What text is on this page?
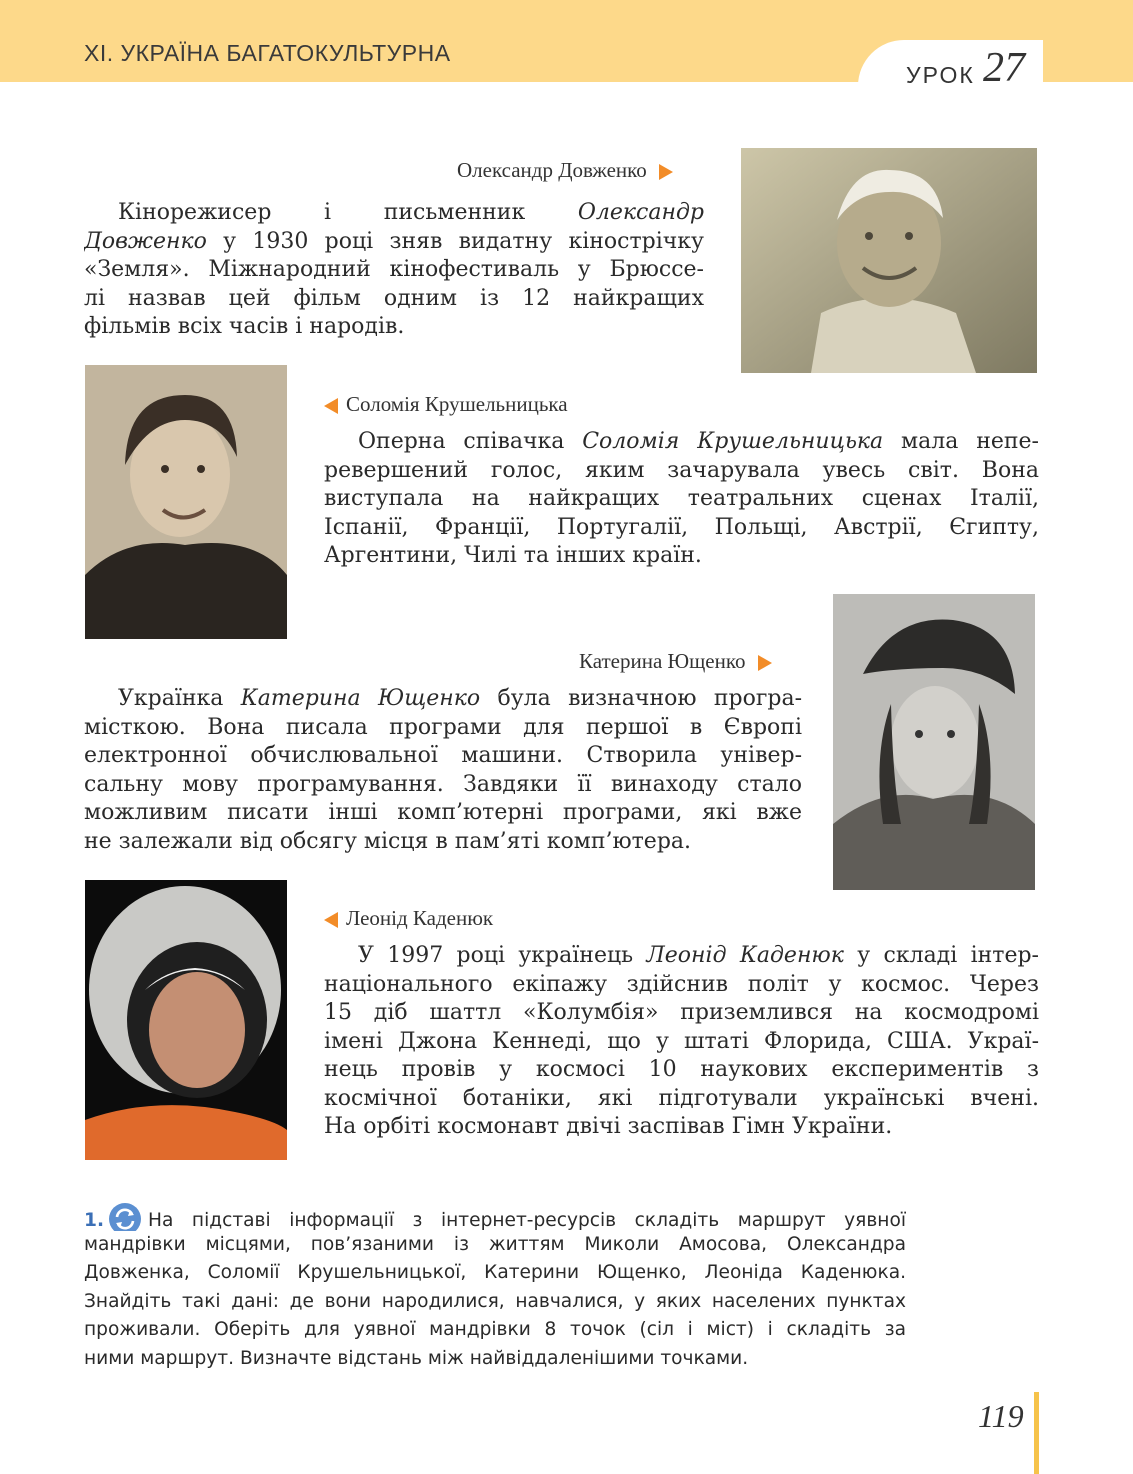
XI. УКРАЇНА БАГАТОКУЛЬТУРНА
УРОК 27
Олександр Довженко
Кінорежисер і письменник Олександр
Довженко у 1930 році зняв видатну кінострічку
«Земля». Міжнародний кінофестиваль у Брюссе-
лі назвав цей фільм одним із 12 найкращих
фільмів всіх часів і народів.
Соломія Крушельницька
Оперна співачка Соломія Крушельницька мала непе-
ревершений голос, яким зачарувала увесь світ. Вона
виступала на найкращих театральних сценах Італії,
Іспанії, Франції, Португалії, Польщі, Австрії, Єгипту,
Аргентини, Чилі та інших країн.
Катерина Ющенко
Українка Катерина Ющенко була визначною програ-
місткою. Вона писала програми для першої в Європі
електронної обчислювальної машини. Створила універ-
сальну мову програмування. Завдяки її винаходу стало
можливим писати інші комп’ютерні програми, які вже
не залежали від обсягу місця в пам’яті комп’ютера.
Леонід Каденюк
У 1997 році українець Леонід Каденюк у складі інтер-
національного екіпажу здійснив політ у космос. Через
15 діб шаттл «Колумбія» приземлився на космодромі
імені Джона Кеннеді, що у штаті Флорида, США. Украї-
нець провів у космосі 10 наукових експериментів з
космічної ботаніки, які підготували українські вчені.
На орбіті космонавт двічі заспівав Гімн України.
1. На підставі інформації з інтернет-ресурсів складіть маршрут уявної
мандрівки місцями, пов’язаними із життям Миколи Амосова, Олександра
Довженка, Соломії Крушельницької, Катерини Ющенко, Леоніда Каденюка.
Знайдіть такі дані: де вони народилися, навчалися, у яких населених пунктах
проживали. Оберіть для уявної мандрівки 8 точок (сіл і міст) і складіть за
ними маршрут. Визначте відстань між найвіддаленішими точками.
119
